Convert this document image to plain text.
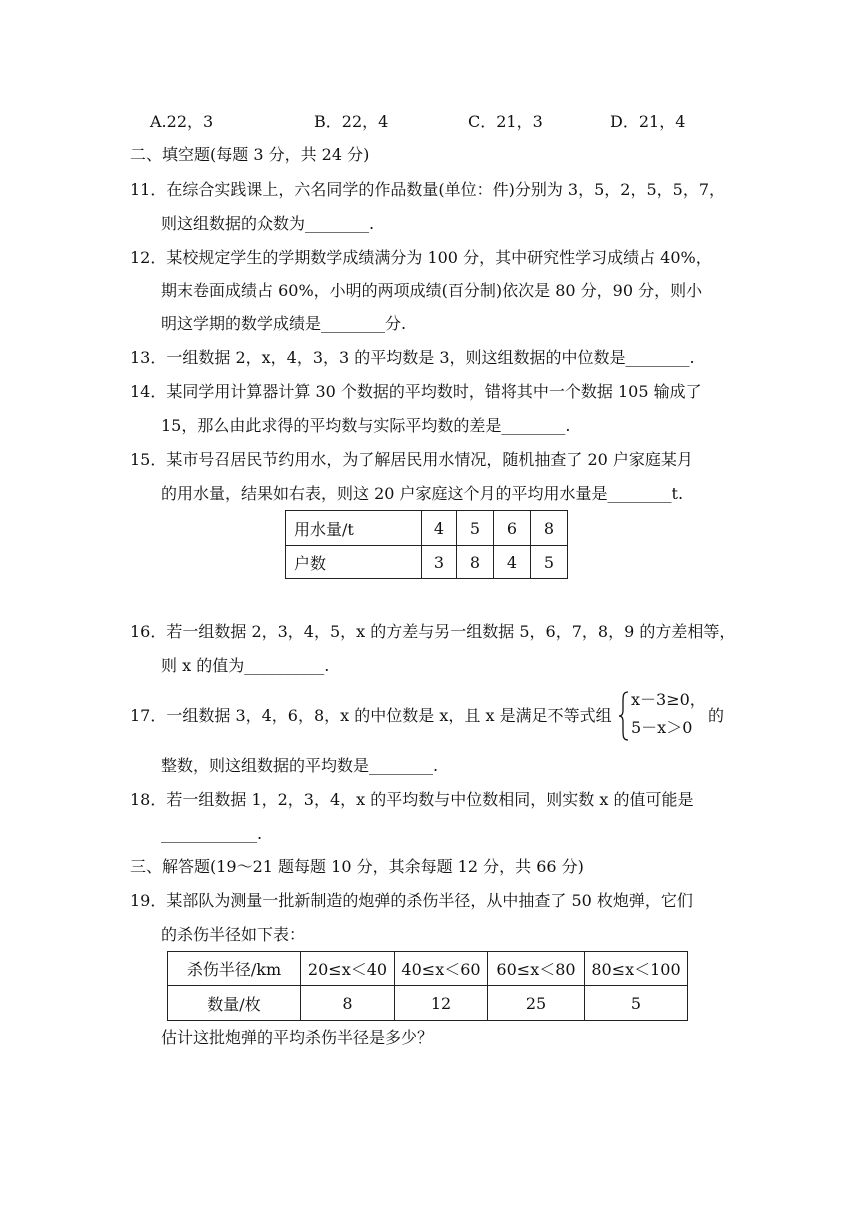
A.22，3	B．22，4	C．21，3	D．21，4
二、填空题(每题 3 分，共 24 分)
11．在综合实践课上，六名同学的作品数量(单位：件)分别为 3，5，2，5，5，7，
则这组数据的众数为________.
12．某校规定学生的学期数学成绩满分为 100 分，其中研究性学习成绩占 40%，
期末卷面成绩占 60%，小明的两项成绩(百分制)依次是 80 分，90 分，则小
明这学期的数学成绩是________分.
13．一组数据 2，x，4，3，3 的平均数是 3，则这组数据的中位数是________.
14．某同学用计算器计算 30 个数据的平均数时，错将其中一个数据 105 输成了
15，那么由此求得的平均数与实际平均数的差是________.
15．某市号召居民节约用水，为了解居民用水情况，随机抽查了 20 户家庭某月
的用水量，结果如右表，则这 20 户家庭这个月的平均用水量是________t.
用水量/t	4	5	6	8
户数	3	8	4	5
16．若一组数据 2，3，4，5，x 的方差与另一组数据 5，6，7，8，9 的方差相等，
则 x 的值为__________.
17．一组数据 3，4，6，8，x 的中位数是 x，且 x 是满足不等式组
x－3≥0，
5－x＞0
的
整数，则这组数据的平均数是________.
18．若一组数据 1，2，3，4，x 的平均数与中位数相同，则实数 x 的值可能是
____________.
三、解答题(19～21 题每题 10 分，其余每题 12 分，共 66 分)
19．某部队为测量一批新制造的炮弹的杀伤半径，从中抽查了 50 枚炮弹，它们
的杀伤半径如下表：
杀伤半径/km	20≤x＜40	40≤x＜60	60≤x＜80	80≤x＜100
数量/枚	8	12	25	5
估计这批炮弹的平均杀伤半径是多少？
